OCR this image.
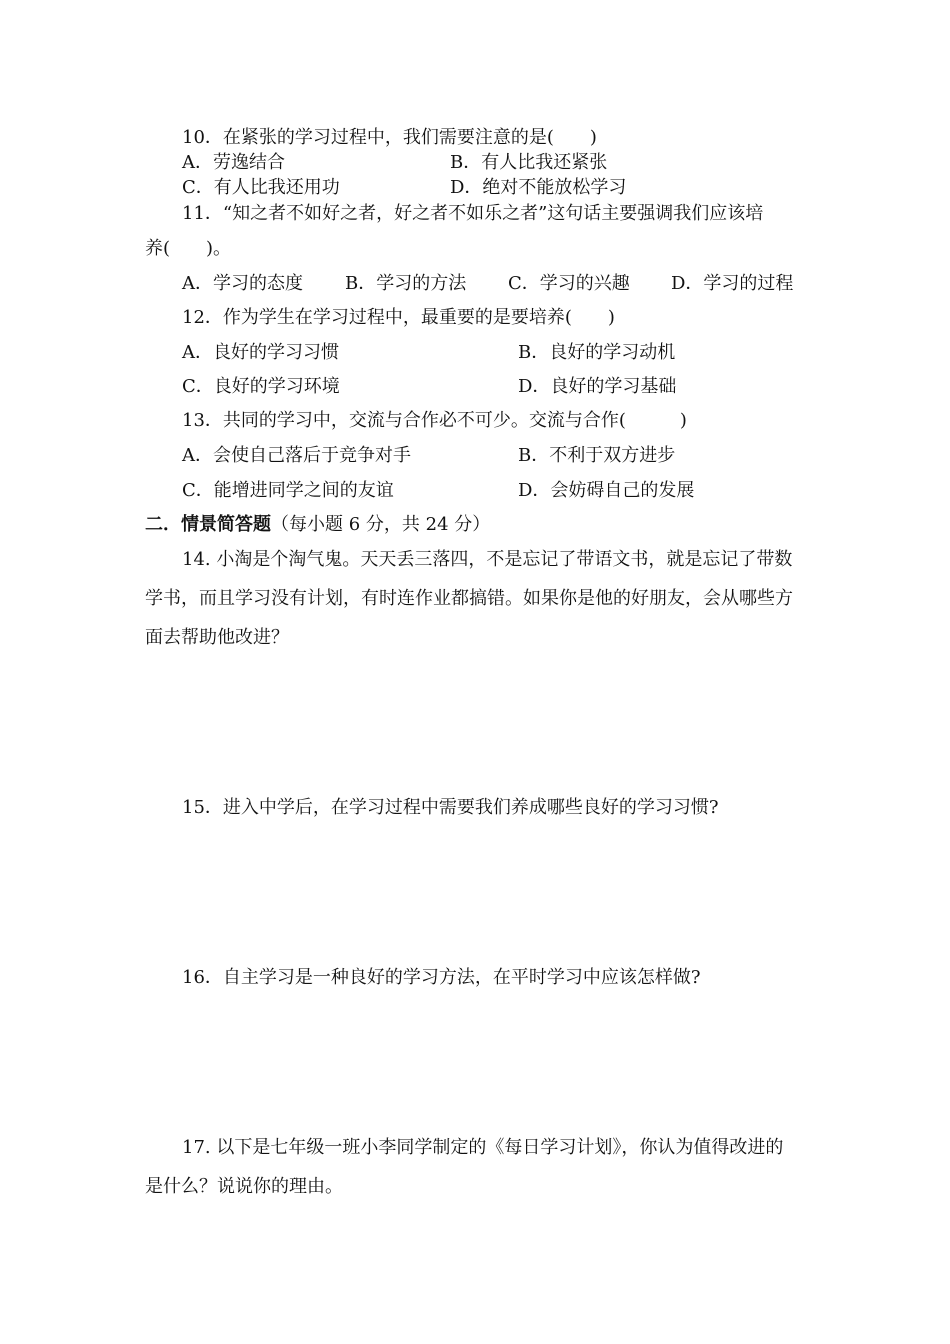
10．在紧张的学习过程中，我们需要注意的是(　　)
A．劳逸结合	B．有人比我还紧张
C．有人比我还用功	D．绝对不能放松学习
11．“知之者不如好之者，好之者不如乐之者”这句话主要强调我们应该培
养(　　)。
A．学习的态度 B．学习的方法 C．学习的兴趣 D．学习的过程
12．作为学生在学习过程中，最重要的是要培养(　　)
A．良好的学习习惯	B．良好的学习动机
C．良好的学习环境	D．良好的学习基础
13．共同的学习中，交流与合作必不可少。交流与合作(　　　)
A．会使自己落后于竞争对手	B．不利于双方进步
C．能增进同学之间的友谊	D．会妨碍自己的发展
二．情景简答题（每小题 6 分，共 24 分）
14. 小淘是个淘气鬼。天天丢三落四，不是忘记了带语文书，就是忘记了带数
学书，而且学习没有计划，有时连作业都搞错。如果你是他的好朋友，会从哪些方
面去帮助他改进？
15．进入中学后，在学习过程中需要我们养成哪些良好的学习习惯?
16．自主学习是一种良好的学习方法，在平时学习中应该怎样做?
17. 以下是七年级一班小李同学制定的《每日学习计划》，你认为值得改进的
是什么？说说你的理由。
